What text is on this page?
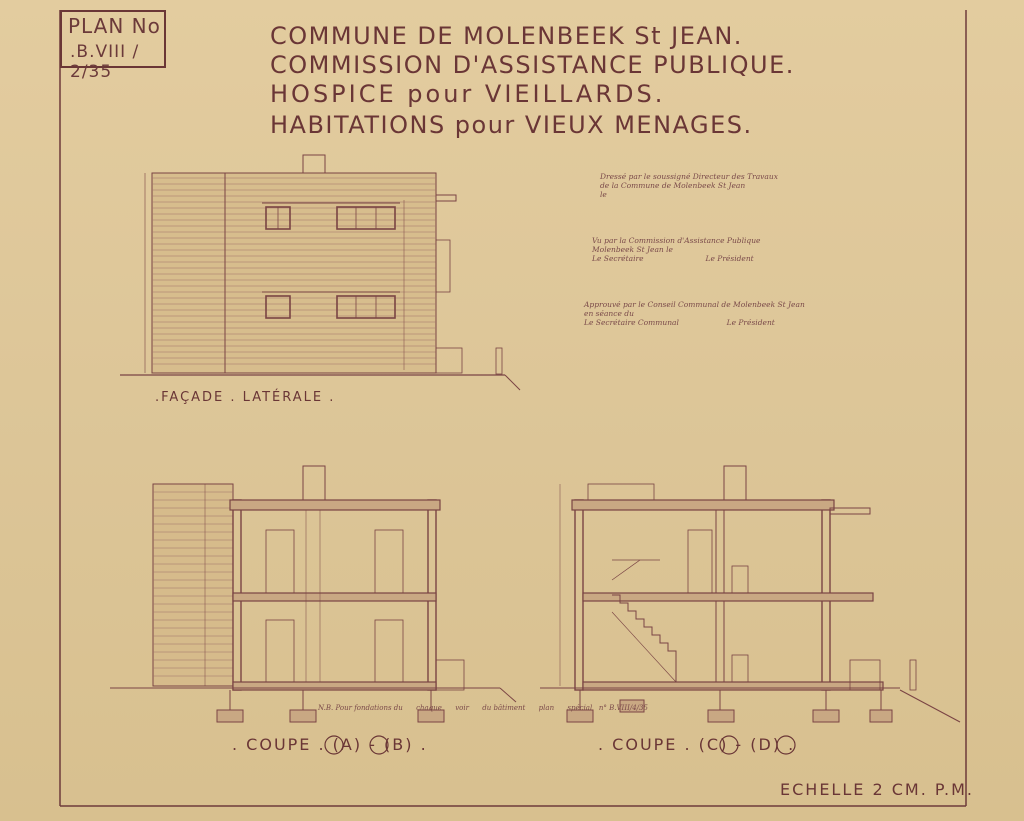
PLAN No
.B.VIII / 2/35
COMMUNE DE MOLENBEEK St JEAN.
COMMISSION D'ASSISTANCE PUBLIQUE.
HOSPICE pour VIEILLARDS.
HABITATIONS pour VIEUX MENAGES.
Dressé par le soussigné Directeur des Travaux
de la Commune de Molenbeek St Jean
le
Vu par la Commission d'Assistance Publique
Molenbeek St Jean le
Le Secrétaire                          Le Président
Approuvé par le Conseil Communal de Molenbeek St Jean
en séance du
Le Secrétaire Communal                    Le Président
.FAÇADE . LATÉRALE .
. COUPE . (A) - (B) .	. COUPE . (C) - (D) .
N.B. Pour fondations du      chaque      voir      du bâtiment      plan      spécial   n° B.VIII/4/35
ECHELLE 2 CM. P.M.
